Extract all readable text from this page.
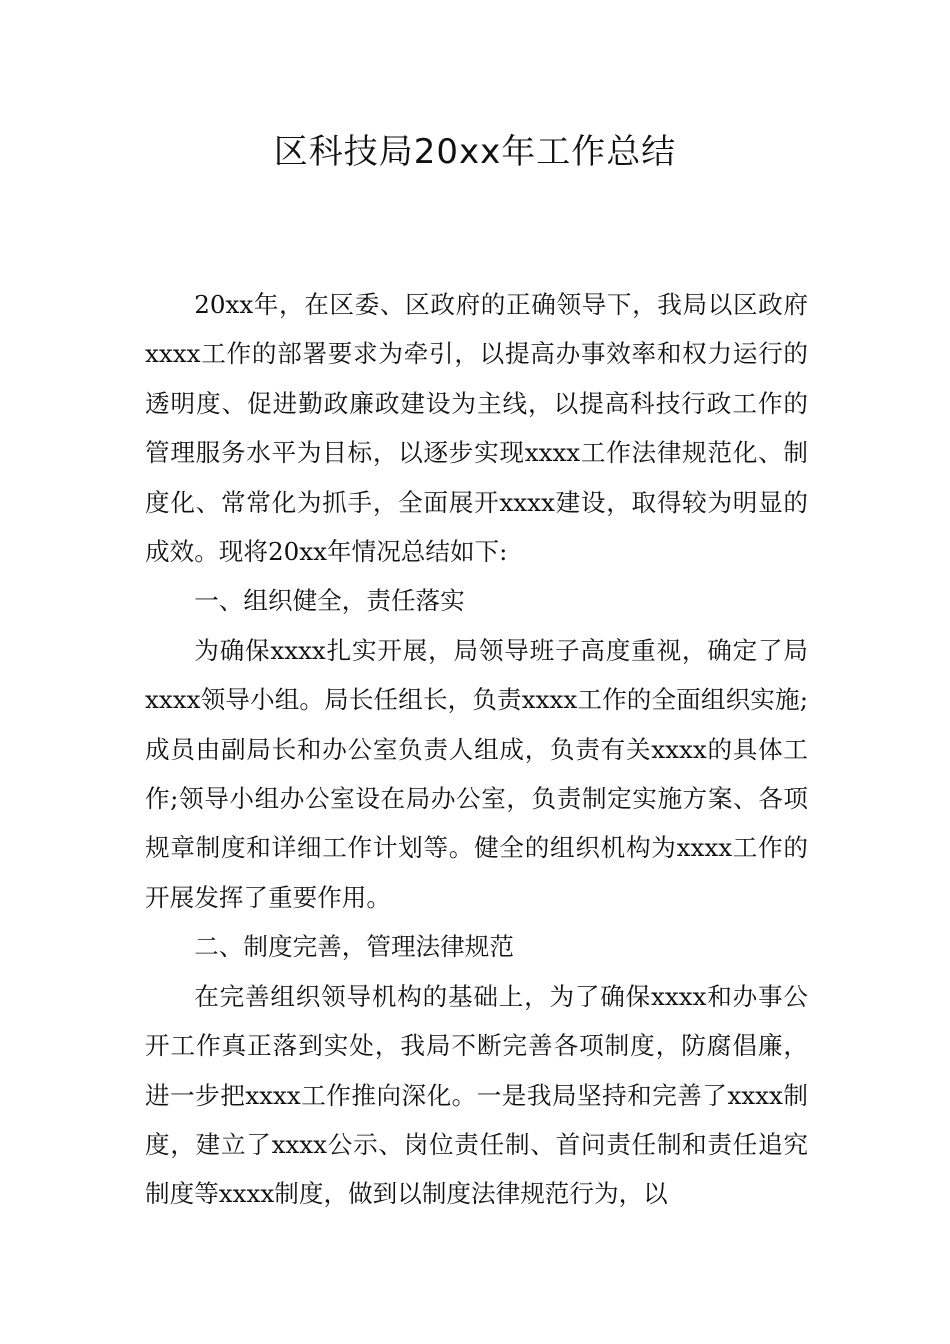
区科技局20xx年工作总结

20xx年，在区委、区政府的正确领导下，我局以区政府xxxx工作的部署要求为牵引，以提高办事效率和权力运行的透明度、促进勤政廉政建设为主线，以提高科技行政工作的管理服务水平为目标，以逐步实现xxxx工作法律规范化、制度化、常常化为抓手，全面展开xxxx建设，取得较为明显的成效。现将20xx年情况总结如下:

一、组织健全，责任落实

为确保xxxx扎实开展，局领导班子高度重视，确定了局xxxx领导小组。局长任组长，负责xxxx工作的全面组织实施;成员由副局长和办公室负责人组成，负责有关xxxx的具体工作;领导小组办公室设在局办公室，负责制定实施方案、各项规章制度和详细工作计划等。健全的组织机构为xxxx工作的开展发挥了重要作用。

二、制度完善，管理法律规范

在完善组织领导机构的基础上，为了确保xxxx和办事公开工作真正落到实处，我局不断完善各项制度，防腐倡廉，进一步把xxxx工作推向深化。一是我局坚持和完善了xxxx制度，建立了xxxx公示、岗位责任制、首问责任制和责任追究制度等xxxx制度，做到以制度法律规范行为，以
